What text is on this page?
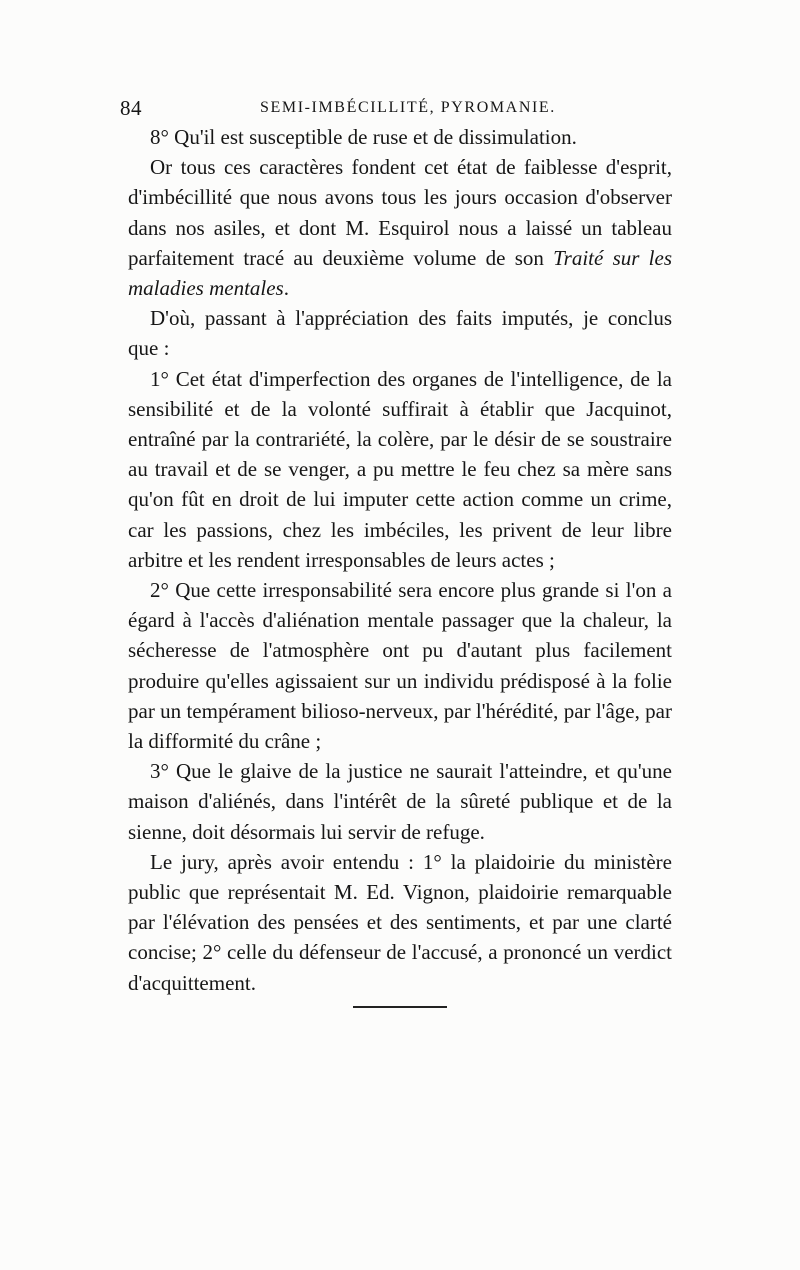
84	SEMI-IMBÉCILLITÉ, PYROMANIE.

8° Qu'il est susceptible de ruse et de dissimulation.

Or tous ces caractères fondent cet état de faiblesse d'esprit, d'imbécillité que nous avons tous les jours occasion d'observer dans nos asiles, et dont M. Esquirol nous a laissé un tableau parfaitement tracé au deuxième volume de son Traité sur les maladies mentales.

D'où, passant à l'appréciation des faits imputés, je conclus que :

1° Cet état d'imperfection des organes de l'intelligence, de la sensibilité et de la volonté suffirait à établir que Jacquinot, entraîné par la contrariété, la colère, par le désir de se soustraire au travail et de se venger, a pu mettre le feu chez sa mère sans qu'on fût en droit de lui imputer cette action comme un crime, car les passions, chez les imbéciles, les privent de leur libre arbitre et les rendent irresponsables de leurs actes ;

2° Que cette irresponsabilité sera encore plus grande si l'on a égard à l'accès d'aliénation mentale passager que la chaleur, la sécheresse de l'atmosphère ont pu d'autant plus facilement produire qu'elles agissaient sur un individu prédisposé à la folie par un tempérament bilioso-nerveux, par l'hérédité, par l'âge, par la difformité du crâne ;

3° Que le glaive de la justice ne saurait l'atteindre, et qu'une maison d'aliénés, dans l'intérêt de la sûreté publique et de la sienne, doit désormais lui servir de refuge.

Le jury, après avoir entendu : 1° la plaidoirie du ministère public que représentait M. Ed. Vignon, plaidoirie remarquable par l'élévation des pensées et des sentiments, et par une clarté concise; 2° celle du défenseur de l'accusé, a prononcé un verdict d'acquittement.
